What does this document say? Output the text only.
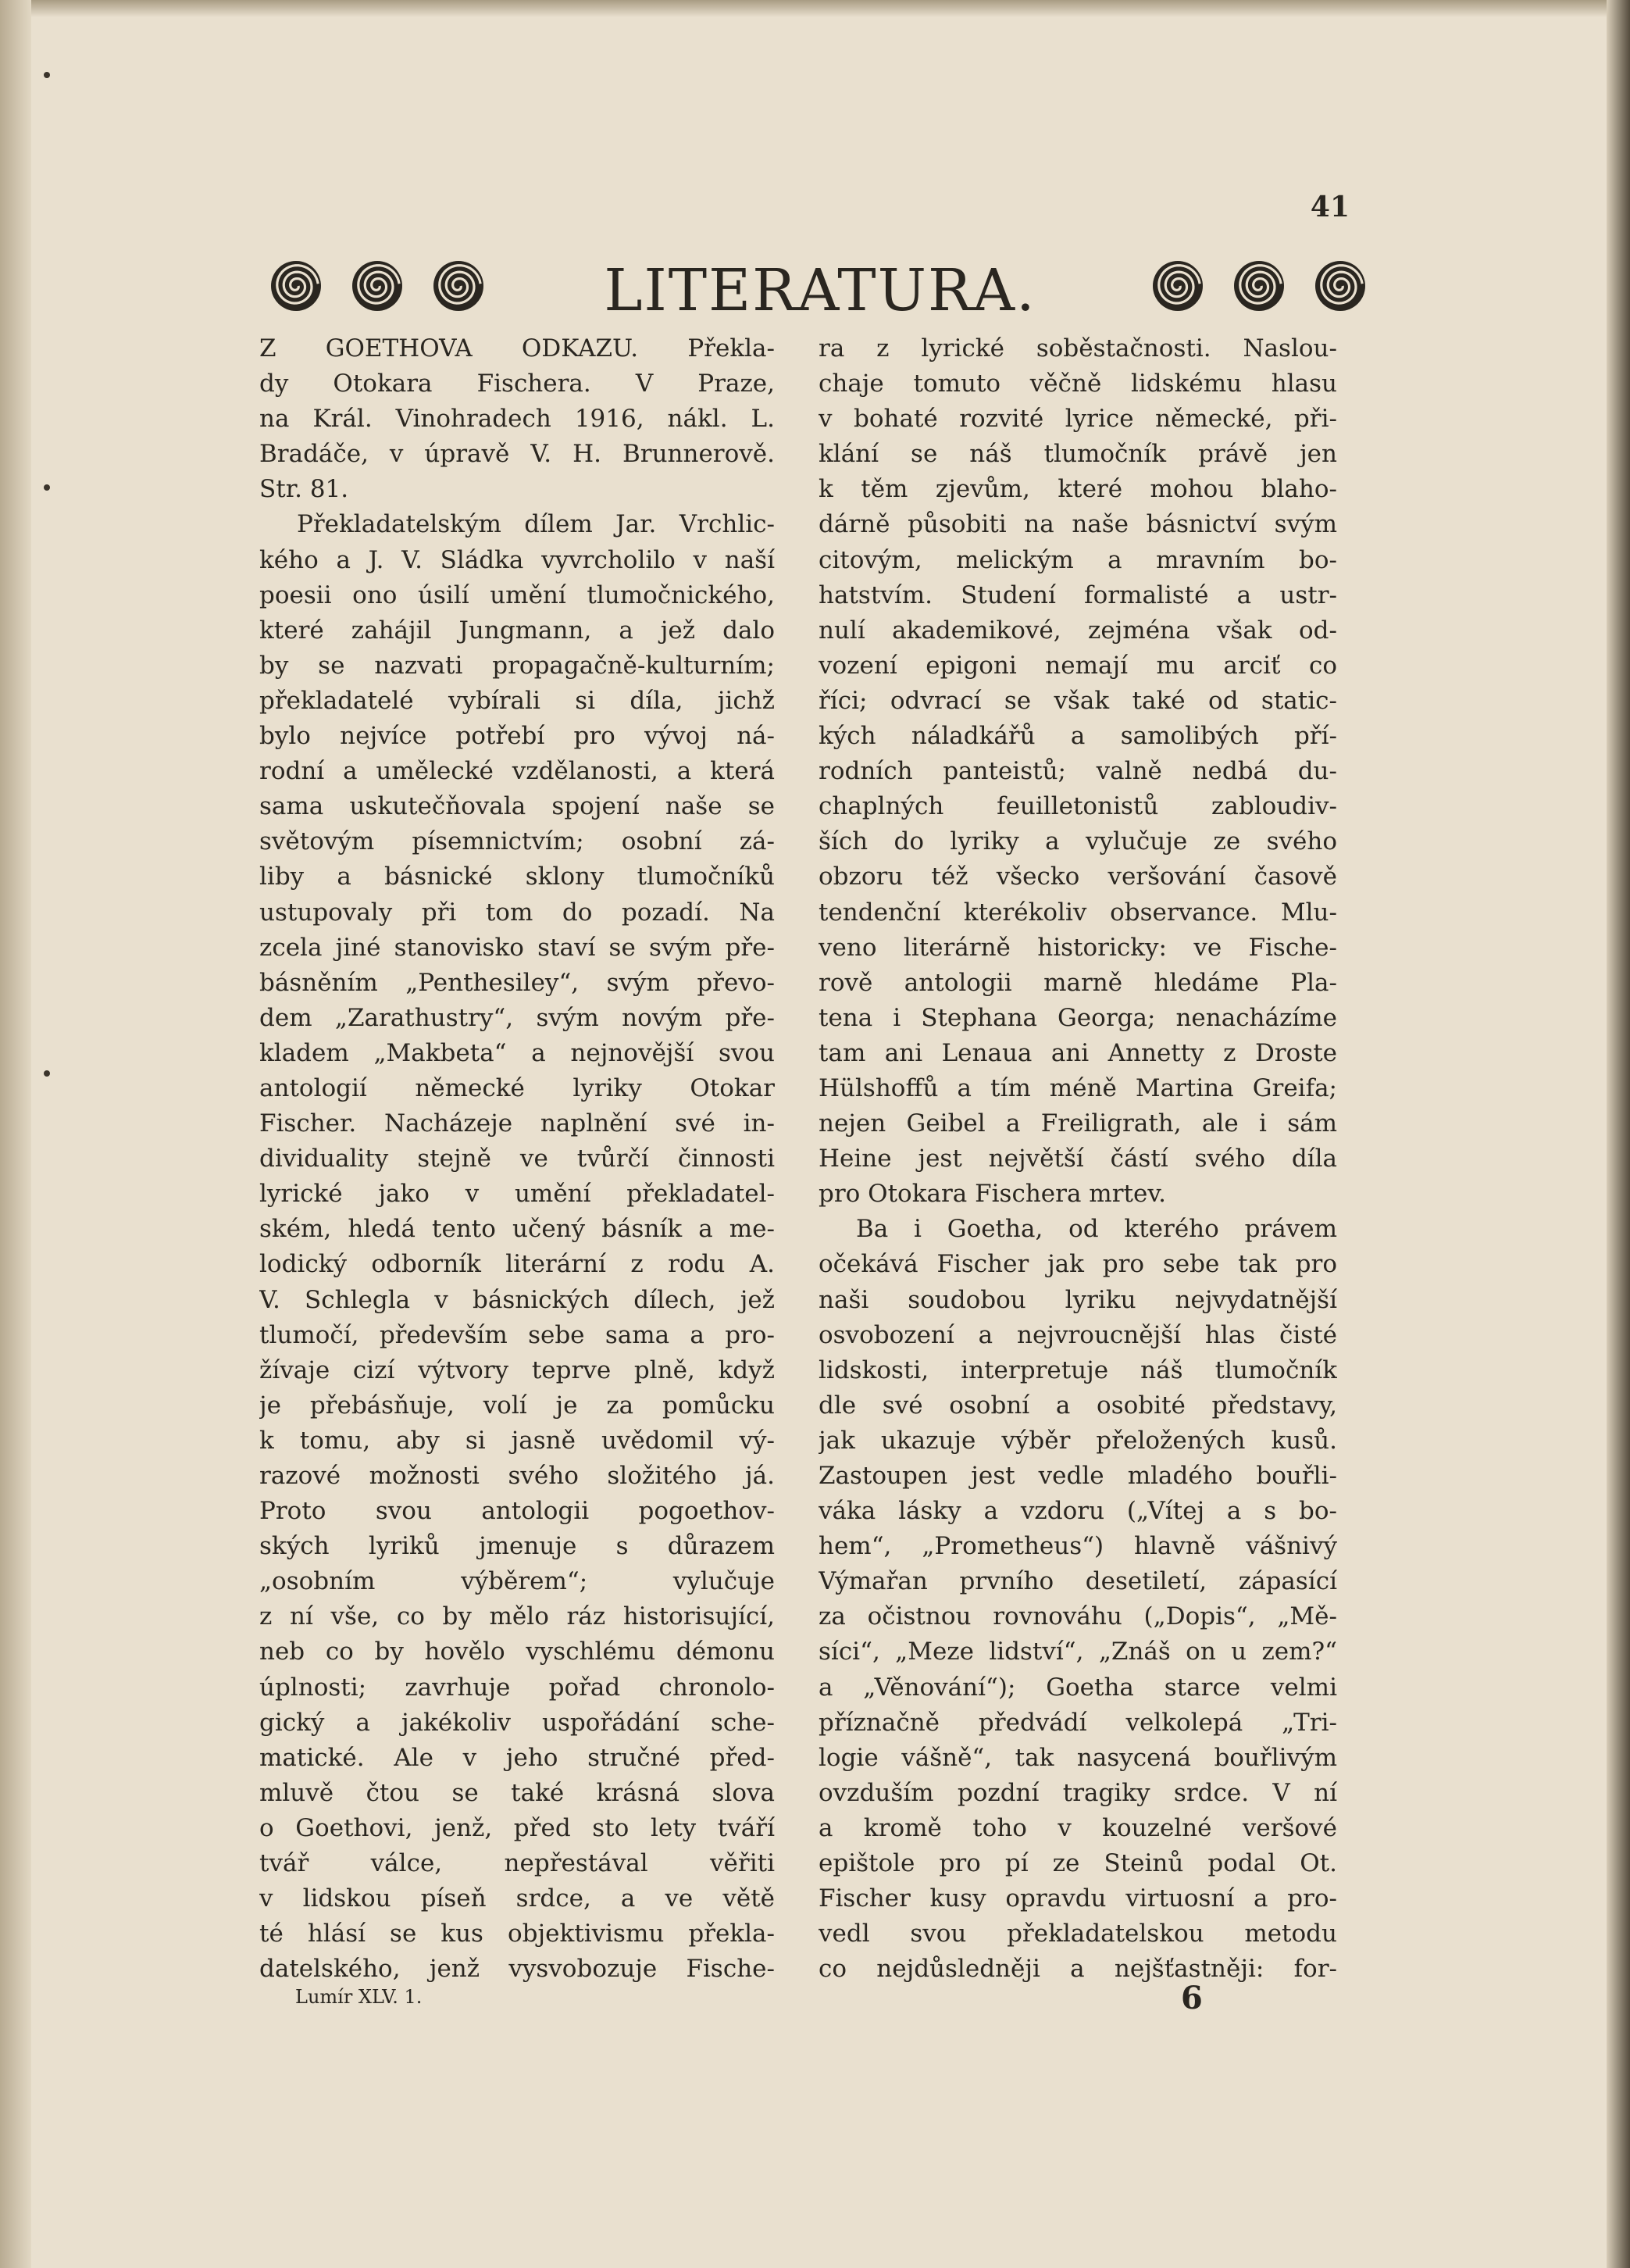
41
LITERATURA.
Z GOETHOVA ODKAZU. Překla-
dy Otokara Fischera. V Praze,
na Král. Vinohradech 1916, nákl. L.
Bradáče, v úpravě V. H. Brunnerově.
Str. 81.
Překladatelským dílem Jar. Vrchlic-
kého a J. V. Sládka vyvrcholilo v naší
poesii ono úsilí umění tlumočnického,
které zahájil Jungmann, a jež dalo
by se nazvati propagačně-kulturním;
překladatelé vybírali si díla, jichž
bylo nejvíce potřebí pro vývoj ná-
rodní a umělecké vzdělanosti, a která
sama uskutečňovala spojení naše se
světovým písemnictvím; osobní zá-
liby a básnické sklony tlumočníků
ustupovaly při tom do pozadí. Na
zcela jiné stanovisko staví se svým pře-
básněním „Penthesiley“, svým převo-
dem „Zarathustry“, svým novým pře-
kladem „Makbeta“ a nejnovější svou
antologií německé lyriky Otokar
Fischer. Nacházeje naplnění své in-
dividuality stejně ve tvůrčí činnosti
lyrické jako v umění překladatel-
ském, hledá tento učený básník a me-
lodický odborník literární z rodu A.
V. Schlegla v básnických dílech, jež
tlumočí, především sebe sama a pro-
žívaje cizí výtvory teprve plně, když
je přebásňuje, volí je za pomůcku
k tomu, aby si jasně uvědomil vý-
razové možnosti svého složitého já.
Proto svou antologii pogoethov-
ských lyriků jmenuje s důrazem
„osobním výběrem“; vylučuje
z ní vše, co by mělo ráz historisující,
neb co by hovělo vyschlému démonu
úplnosti; zavrhuje pořad chronolo-
gický a jakékoliv uspořádání sche-
matické. Ale v jeho stručné před-
mluvě čtou se také krásná slova
o Goethovi, jenž, před sto lety tváří
tvář válce, nepřestával věřiti
v lidskou píseň srdce, a ve větě
té hlásí se kus objektivismu překla-
datelského, jenž vysvobozuje Fische-
ra z lyrické soběstačnosti. Naslou-
chaje tomuto věčně lidskému hlasu
v bohaté rozvité lyrice německé, při-
klání se náš tlumočník právě jen
k těm zjevům, které mohou blaho-
dárně působiti na naše básnictví svým
citovým, melickým a mravním bo-
hatstvím. Studení formalisté a ustr-
nulí akademikové, zejména však od-
vození epigoni nemají mu arciť co
říci; odvrací se však také od static-
kých náladkářů a samolibých pří-
rodních panteistů; valně nedbá du-
chaplných feuilletonistů zabloudiv-
ších do lyriky a vylučuje ze svého
obzoru též všecko veršování časově
tendenční kterékoliv observance. Mlu-
veno literárně historicky: ve Fische-
rově antologii marně hledáme Pla-
tena i Stephana Georga; nenacházíme
tam ani Lenaua ani Annetty z Droste
Hülshoffů a tím méně Martina Greifa;
nejen Geibel a Freiligrath, ale i sám
Heine jest největší částí svého díla
pro Otokara Fischera mrtev.
Ba i Goetha, od kterého právem
očekává Fischer jak pro sebe tak pro
naši soudobou lyriku nejvydatnější
osvobození a nejvroucnější hlas čisté
lidskosti, interpretuje náš tlumočník
dle své osobní a osobité představy,
jak ukazuje výběr přeložených kusů.
Zastoupen jest vedle mladého bouřli-
váka lásky a vzdoru („Vítej a s bo-
hem“, „Prometheus“) hlavně vášnivý
Výmařan prvního desetiletí, zápasící
za očistnou rovnováhu („Dopis“, „Mě-
síci“, „Meze lidství“, „Znáš on u zem?“
a „Věnování“); Goetha starce velmi
příznačně předvádí velkolepá „Tri-
logie vášně“, tak nasycená bouřlivým
ovzduším pozdní tragiky srdce. V ní
a kromě toho v kouzelné veršové
epištole pro pí ze Steinů podal Ot.
Fischer kusy opravdu virtuosní a pro-
vedl svou překladatelskou metodu
co nejdůsledněji a nejšťastněji: for-
Lumír XLV. 1.	6
